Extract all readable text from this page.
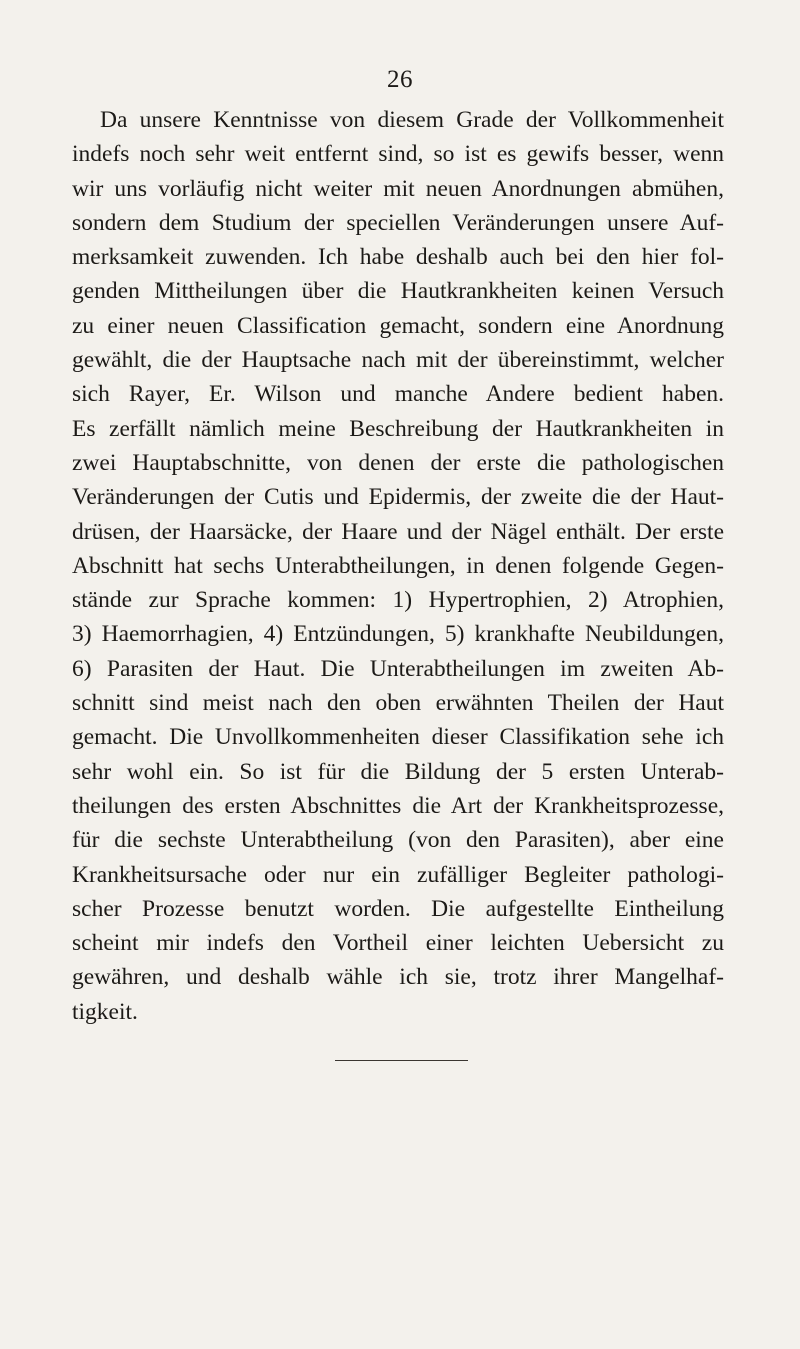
26
Da unsere Kenntnisse von diesem Grade der Vollkommenheit
indefs noch sehr weit entfernt sind, so ist es gewifs besser, wenn
wir uns vorläufig nicht weiter mit neuen Anordnungen abmühen,
sondern dem Studium der speciellen Veränderungen unsere Auf-
merksamkeit zuwenden. Ich habe deshalb auch bei den hier fol-
genden Mittheilungen über die Hautkrankheiten keinen Versuch
zu einer neuen Classification gemacht, sondern eine Anordnung
gewählt, die der Hauptsache nach mit der übereinstimmt, welcher
sich Rayer, Er. Wilson und manche Andere bedient haben.
Es zerfällt nämlich meine Beschreibung der Hautkrankheiten in
zwei Hauptabschnitte, von denen der erste die pathologischen
Veränderungen der Cutis und Epidermis, der zweite die der Haut-
drüsen, der Haarsäcke, der Haare und der Nägel enthält. Der erste
Abschnitt hat sechs Unterabtheilungen, in denen folgende Gegen-
stände zur Sprache kommen: 1) Hypertrophien, 2) Atrophien,
3) Haemorrhagien, 4) Entzündungen, 5) krankhafte Neubildungen,
6) Parasiten der Haut. Die Unterabtheilungen im zweiten Ab-
schnitt sind meist nach den oben erwähnten Theilen der Haut
gemacht. Die Unvollkommenheiten dieser Classifikation sehe ich
sehr wohl ein. So ist für die Bildung der 5 ersten Unterab-
theilungen des ersten Abschnittes die Art der Krankheitsprozesse,
für die sechste Unterabtheilung (von den Parasiten), aber eine
Krankheitsursache oder nur ein zufälliger Begleiter pathologi-
scher Prozesse benutzt worden. Die aufgestellte Eintheilung
scheint mir indefs den Vortheil einer leichten Uebersicht zu
gewähren, und deshalb wähle ich sie, trotz ihrer Mangelhaf-
tigkeit.
